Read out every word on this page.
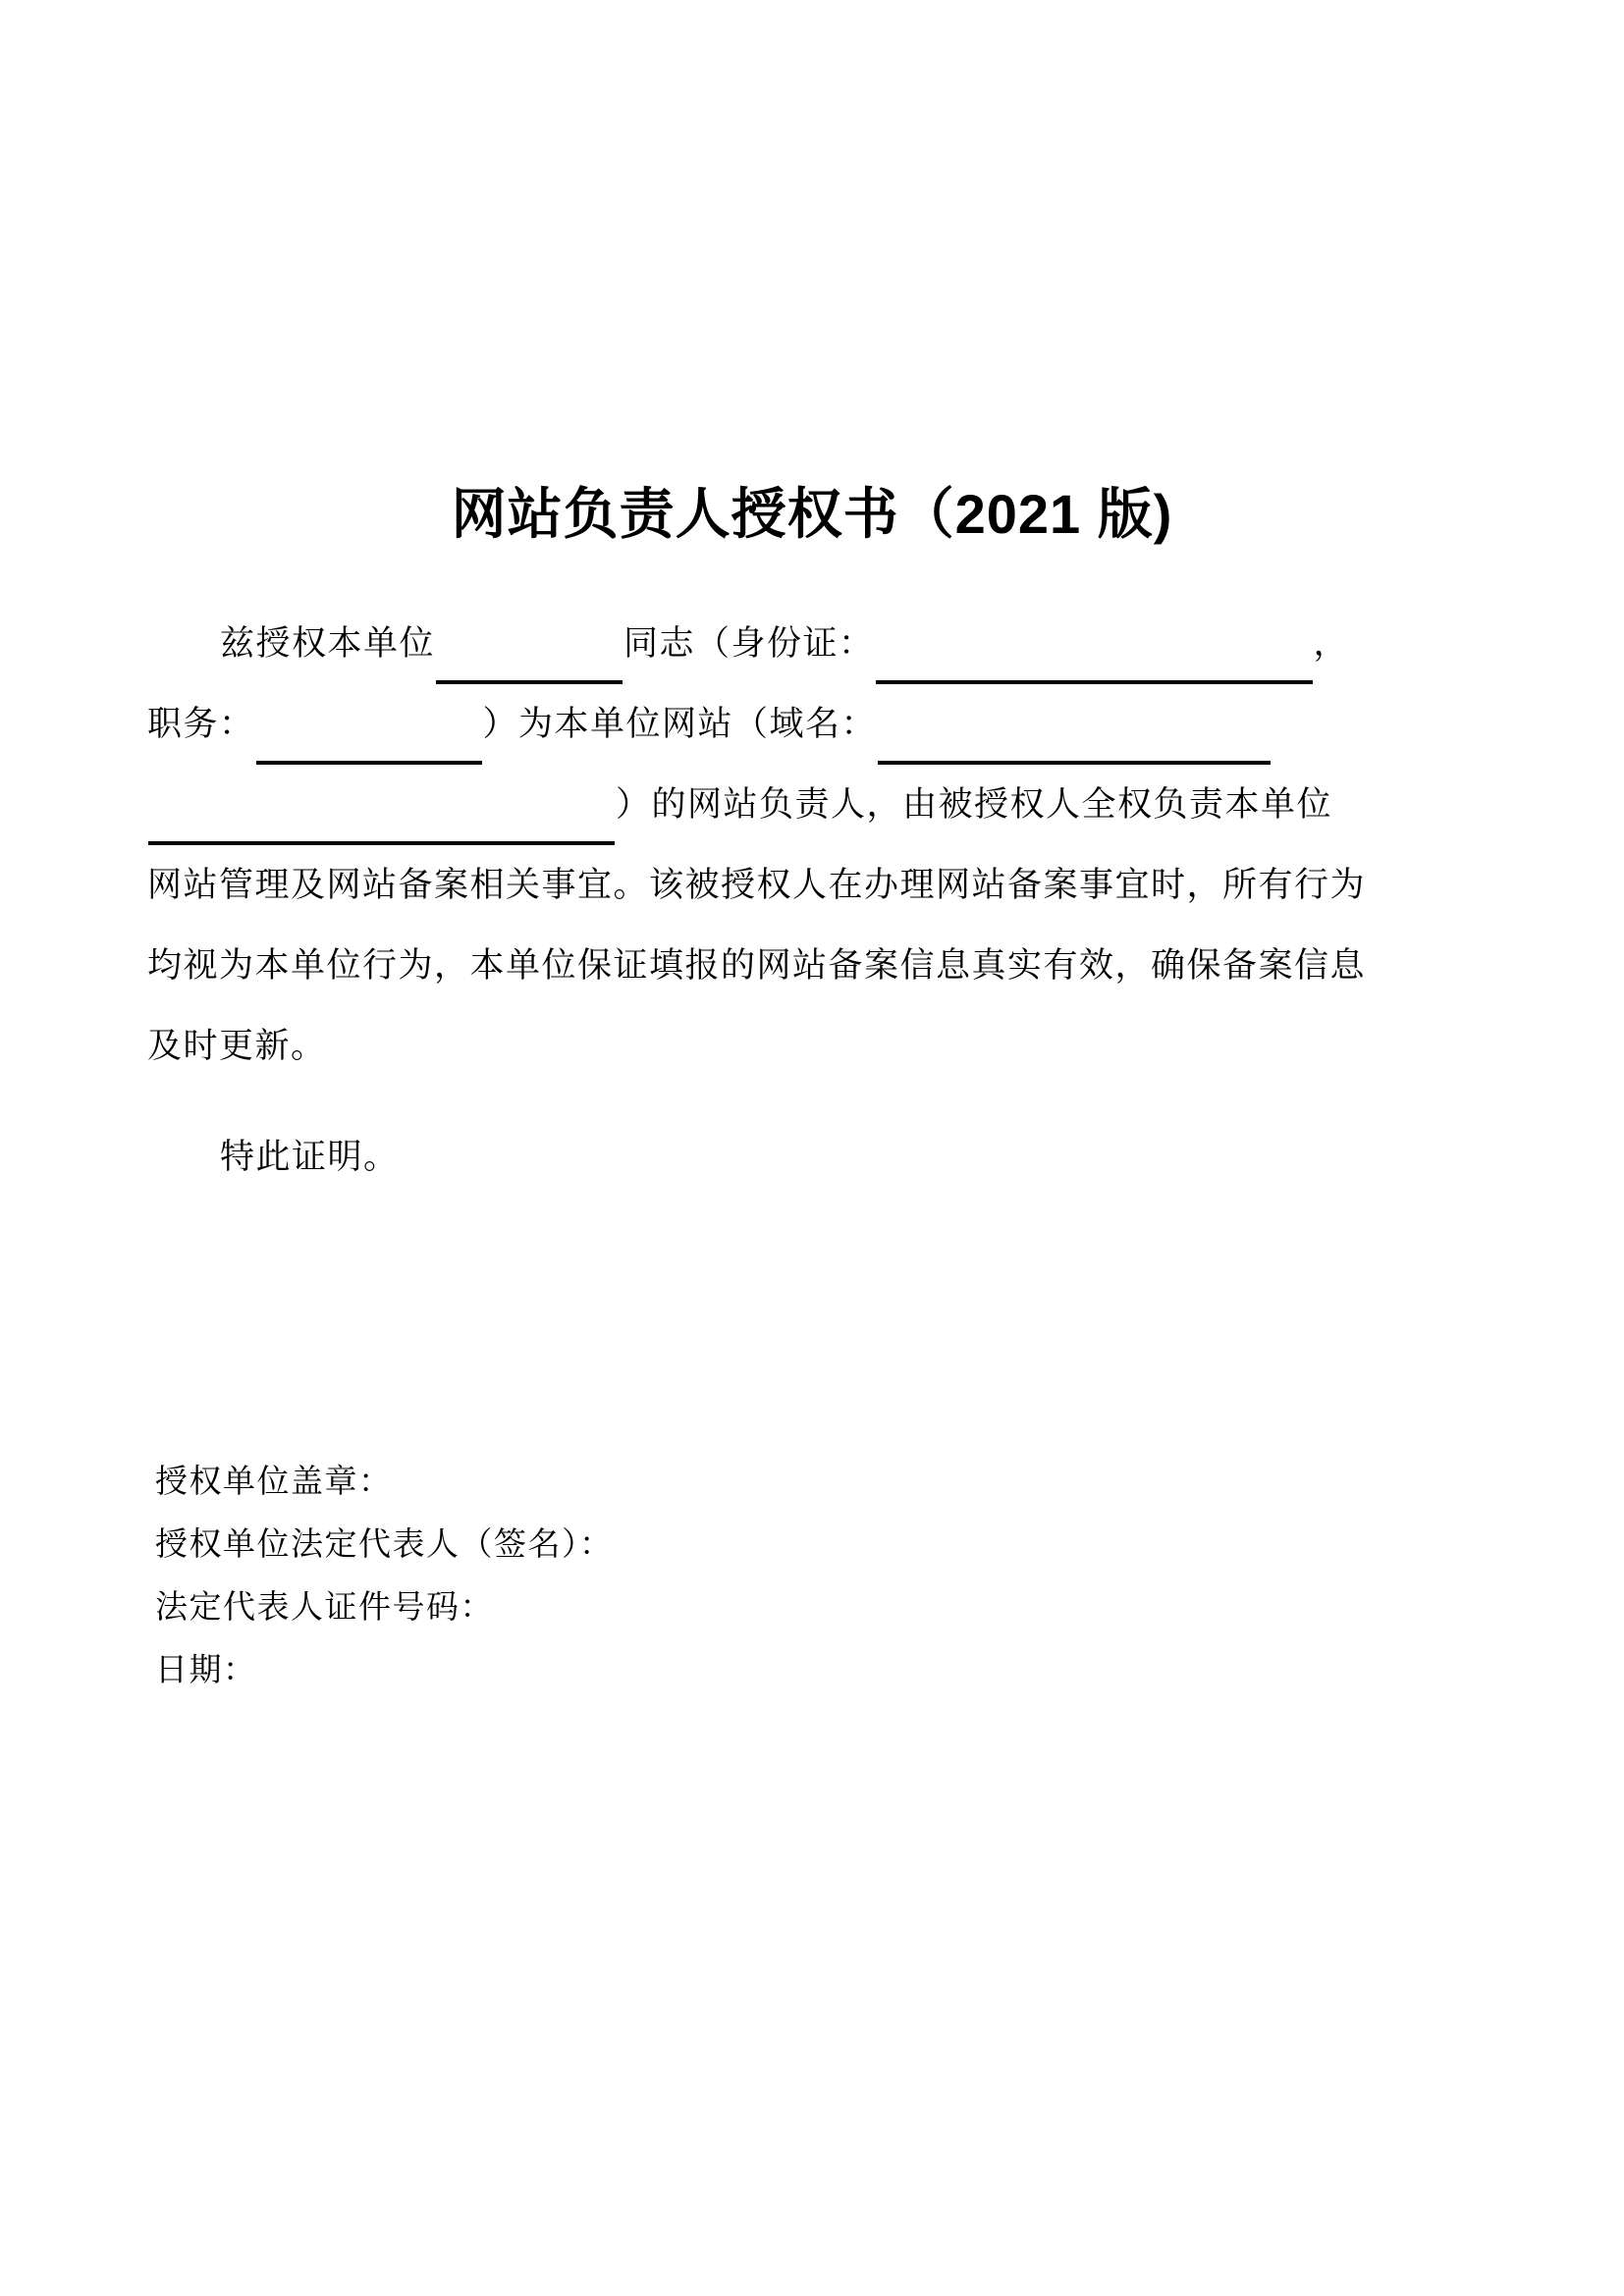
网站负责人授权书（2021 版)
兹授权本单位	同志（身份证：	，
职务：	）为本单位网站（域名：
）的网站负责人，由被授权人全权负责本单位
网站管理及网站备案相关事宜。该被授权人在办理网站备案事宜时，所有行为
均视为本单位行为，本单位保证填报的网站备案信息真实有效，确保备案信息
及时更新。
特此证明。
授权单位盖章：
授权单位法定代表人（签名）：
法定代表人证件号码：
日期：
